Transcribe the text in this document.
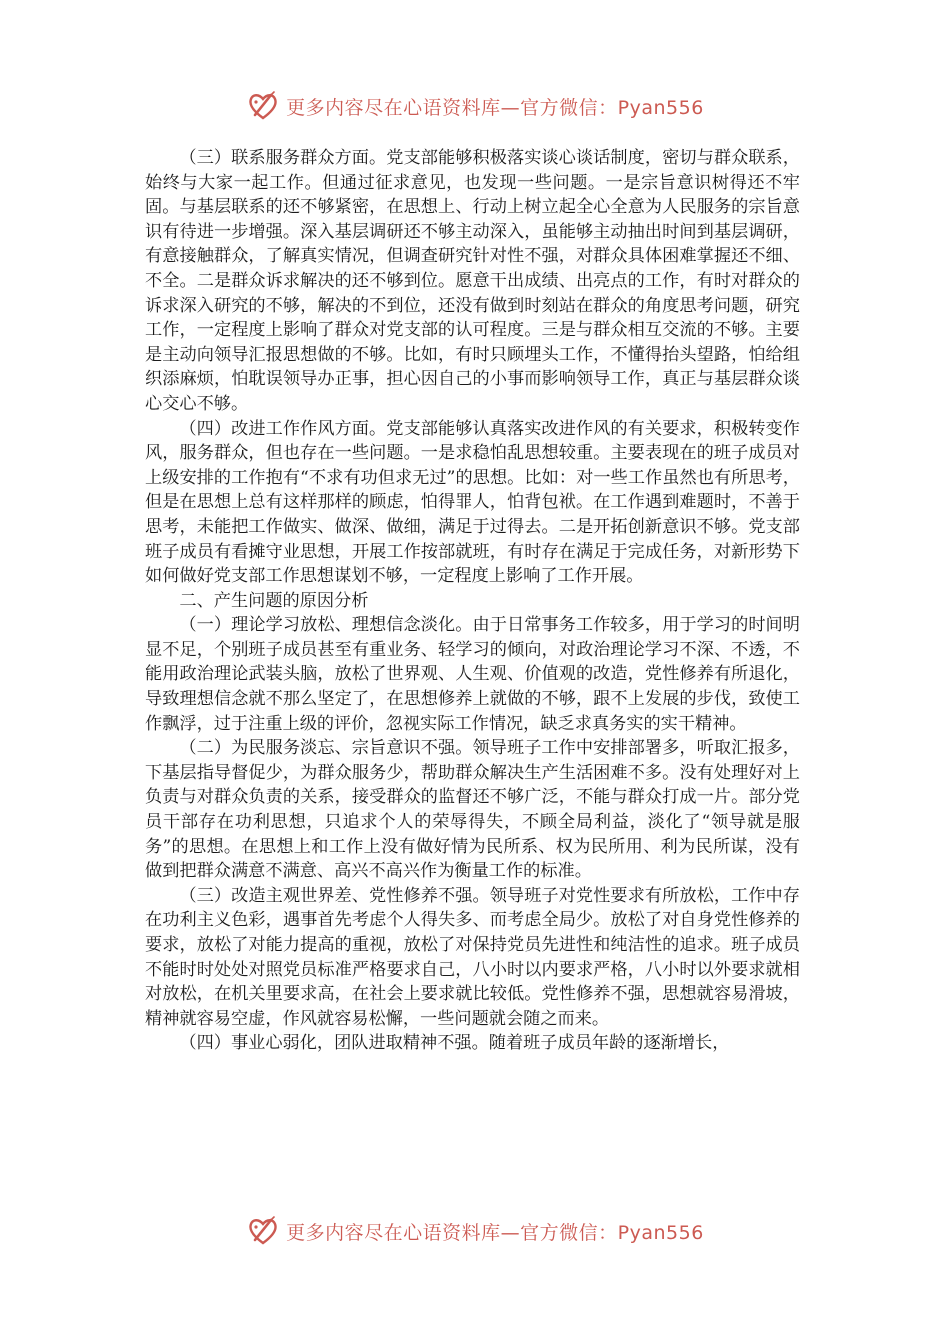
更多内容尽在心语资料库—官方微信：Pyan556

（三）联系服务群众方面。党支部能够积极落实谈心谈话制度，密切与群众联系，始终与大家一起工作。但通过征求意见，也发现一些问题。一是宗旨意识树得还不牢固。与基层联系的还不够紧密，在思想上、行动上树立起全心全意为人民服务的宗旨意识有待进一步增强。深入基层调研还不够主动深入，虽能够主动抽出时间到基层调研，有意接触群众，了解真实情况，但调查研究针对性不强，对群众具体困难掌握还不细、不全。二是群众诉求解决的还不够到位。愿意干出成绩、出亮点的工作，有时对群众的诉求深入研究的不够，解决的不到位，还没有做到时刻站在群众的角度思考问题，研究工作，一定程度上影响了群众对党支部的认可程度。三是与群众相互交流的不够。主要是主动向领导汇报思想做的不够。比如，有时只顾埋头工作，不懂得抬头望路，怕给组织添麻烦，怕耽误领导办正事，担心因自己的小事而影响领导工作，真正与基层群众谈心交心不够。

（四）改进工作作风方面。党支部能够认真落实改进作风的有关要求，积极转变作风，服务群众，但也存在一些问题。一是求稳怕乱思想较重。主要表现在的班子成员对上级安排的工作抱有“不求有功但求无过”的思想。比如：对一些工作虽然也有所思考，但是在思想上总有这样那样的顾虑，怕得罪人，怕背包袱。在工作遇到难题时，不善于思考，未能把工作做实、做深、做细，满足于过得去。二是开拓创新意识不够。党支部班子成员有看摊守业思想，开展工作按部就班，有时存在满足于完成任务，对新形势下如何做好党支部工作思想谋划不够，一定程度上影响了工作开展。

二、产生问题的原因分析

（一）理论学习放松、理想信念淡化。由于日常事务工作较多，用于学习的时间明显不足，个别班子成员甚至有重业务、轻学习的倾向，对政治理论学习不深、不透，不能用政治理论武装头脑，放松了世界观、人生观、价值观的改造，党性修养有所退化，导致理想信念就不那么坚定了，在思想修养上就做的不够，跟不上发展的步伐，致使工作飘浮，过于注重上级的评价，忽视实际工作情况，缺乏求真务实的实干精神。

（二）为民服务淡忘、宗旨意识不强。领导班子工作中安排部署多，听取汇报多，下基层指导督促少，为群众服务少，帮助群众解决生产生活困难不多。没有处理好对上负责与对群众负责的关系，接受群众的监督还不够广泛，不能与群众打成一片。部分党员干部存在功利思想，只追求个人的荣辱得失，不顾全局利益，淡化了“领导就是服务”的思想。在思想上和工作上没有做好情为民所系、权为民所用、利为民所谋，没有做到把群众满意不满意、高兴不高兴作为衡量工作的标准。

（三）改造主观世界差、党性修养不强。领导班子对党性要求有所放松，工作中存在功利主义色彩，遇事首先考虑个人得失多、而考虑全局少。放松了对自身党性修养的要求，放松了对能力提高的重视，放松了对保持党员先进性和纯洁性的追求。班子成员不能时时处处对照党员标准严格要求自己，八小时以内要求严格，八小时以外要求就相对放松，在机关里要求高，在社会上要求就比较低。党性修养不强，思想就容易滑坡，精神就容易空虚，作风就容易松懈，一些问题就会随之而来。

（四）事业心弱化，团队进取精神不强。随着班子成员年龄的逐渐增长，

更多内容尽在心语资料库—官方微信：Pyan556
